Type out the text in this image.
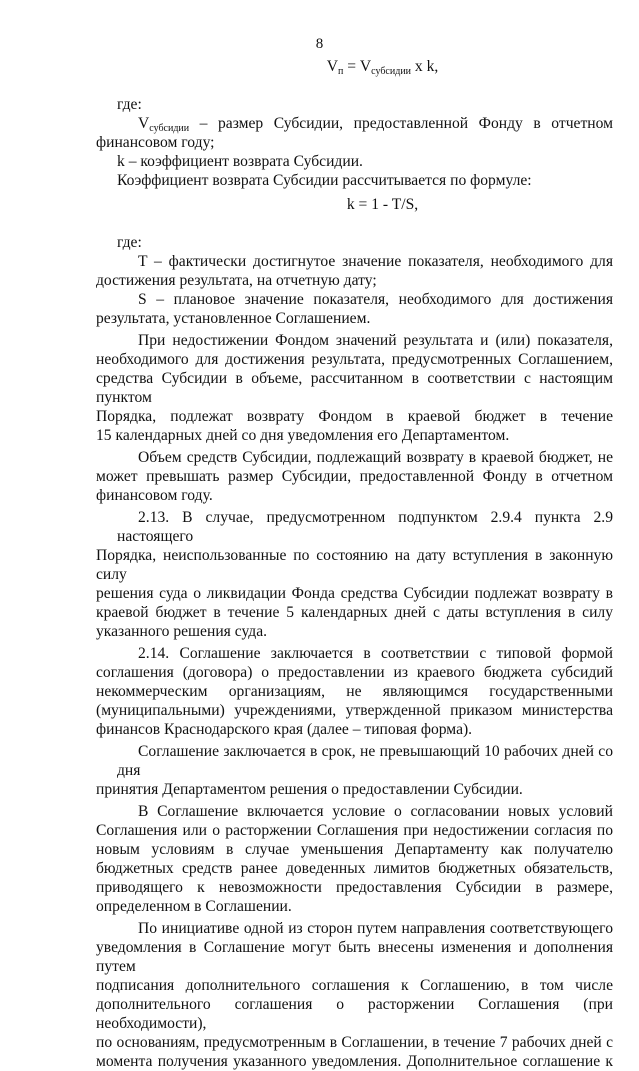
8
$V_п = V_{субсидии}$ x k,
где:
$V_{субсидии}$ – размер Субсидии, предоставленной Фонду в отчетном
финансовом году;
k – коэффициент возврата Субсидии.
Коэффициент возврата Субсидии рассчитывается по формуле:
k = 1 - T/S,
где:
T – фактически достигнутое значение показателя, необходимого для
достижения результата, на отчетную дату;
S – плановое значение показателя, необходимого для достижения
результата, установленное Соглашением.
При недостижении Фондом значений результата и (или) показателя,
необходимого для достижения результата, предусмотренных Соглашением,
средства Субсидии в объеме, рассчитанном в соответствии с настоящим пунктом
Порядка, подлежат возврату Фондом в краевой бюджет в течение
15 календарных дней со дня уведомления его Департаментом.
Объем средств Субсидии, подлежащий возврату в краевой бюджет, не
может превышать размер Субсидии, предоставленной Фонду в отчетном
финансовом году.
2.13. В случае, предусмотренном подпунктом 2.9.4 пункта 2.9 настоящего
Порядка, неиспользованные по состоянию на дату вступления в законную силу
решения суда о ликвидации Фонда средства Субсидии подлежат возврату в
краевой бюджет в течение 5 календарных дней с даты вступления в силу
указанного решения суда.
2.14. Соглашение заключается в соответствии с типовой формой
соглашения (договора) о предоставлении из краевого бюджета субсидий
некоммерческим организациям, не являющимся государственными
(муниципальными) учреждениями, утвержденной приказом министерства
финансов Краснодарского края (далее – типовая форма).
Соглашение заключается в срок, не превышающий 10 рабочих дней со дня
принятия Департаментом решения о предоставлении Субсидии.
В Соглашение включается условие о согласовании новых условий
Соглашения или о расторжении Соглашения при недостижении согласия по
новым условиям в случае уменьшения Департаменту как получателю
бюджетных средств ранее доведенных лимитов бюджетных обязательств,
приводящего к невозможности предоставления Субсидии в размере,
определенном в Соглашении.
По инициативе одной из сторон путем направления соответствующего
уведомления в Соглашение могут быть внесены изменения и дополнения путем
подписания дополнительного соглашения к Соглашению, в том числе
дополнительного соглашения о расторжении Соглашения (при необходимости),
по основаниям, предусмотренным в Соглашении, в течение 7 рабочих дней с
момента получения указанного уведомления. Дополнительное соглашение к
